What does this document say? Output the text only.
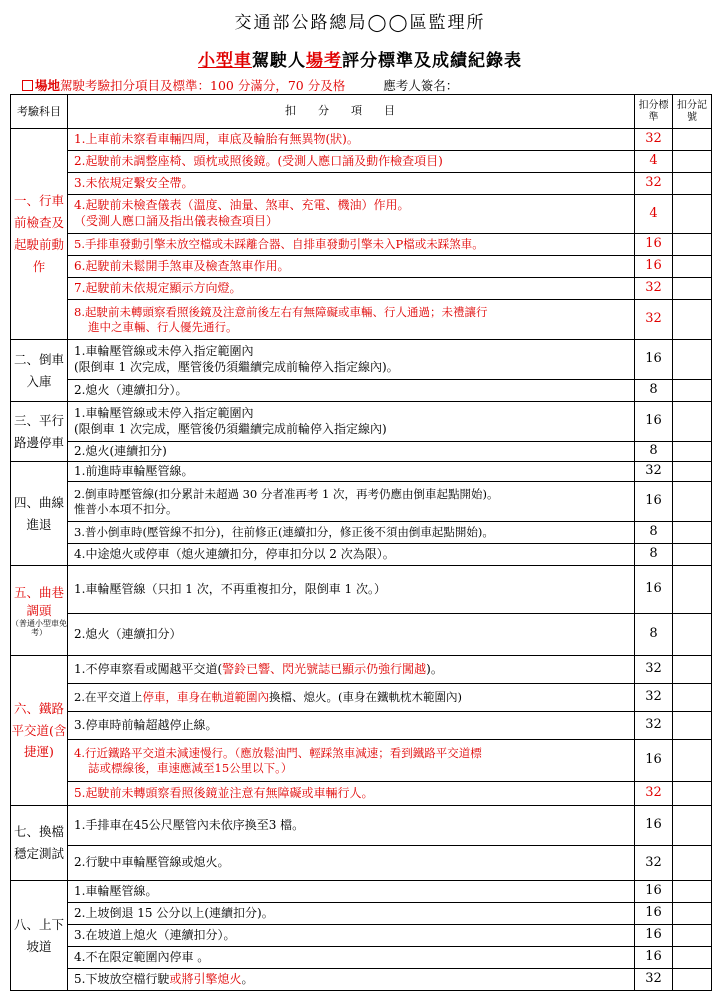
交通部公路總局◯◯區監理所
小型車駕駛人場考評分標準及成績紀錄表
場地駕駛考驗扣分項目及標準：100 分滿分，70 分及格	應考人簽名：
考驗科目	扣分項目	扣分標準	扣分記號
一、行車前檢查及起駛前動作	1.上車前未察看車輛四周，車底及輪胎有無異物(狀)。	32	
	2.起駛前未調整座椅、頭枕或照後鏡。(受測人應口誦及動作檢查項目)	4	
	3.未依規定繫安全帶。	32	
	4.起駛前未檢查儀表（溫度、油量、煞車、充電、機油）作用。
（受測人應口誦及指出儀表檢查項目）	4	
	5.手排車發動引擎未放空檔或未踩離合器、自排車發動引擎未入P檔或未踩煞車。	16	
	6.起駛前未鬆開手煞車及檢查煞車作用。	16	
	7.起駛前未依規定顯示方向燈。	32	
	8.起駛前未轉頭察看照後鏡及注意前後左右有無障礙或車輛、行人通過；未禮讓行
進中之車輛、行人優先通行。	32	
二、倒車入庫	1.車輪壓管線或未停入指定範圍內
(限倒車 1 次完成，壓管後仍須繼續完成前輪停入指定線內)。	16	
	2.熄火（連續扣分）。	8	
三、平行路邊停車	1.車輪壓管線或未停入指定範圍內
(限倒車 1 次完成，壓管後仍須繼續完成前輪停入指定線內)	16	
	2.熄火(連續扣分)	8	
四、曲線進退	1.前進時車輪壓管線。	32	
	2.倒車時壓管線(扣分累計未超過 30 分者准再考 1 次，再考仍應由倒車起點開始)。
惟普小本項不扣分。	16	
	3.普小倒車時(壓管線不扣分)，往前修正(連續扣分，修正後不須由倒車起點開始)。	8	
	4.中途熄火或停車（熄火連續扣分，停車扣分以 2 次為限）。	8	
五、曲巷調頭
（普通小型車免考）	1.車輪壓管線（只扣 1 次，不再重複扣分，限倒車 1 次。）	16	
	2.熄火（連續扣分）	8	
六、鐵路平交道(含捷運)	1.不停車察看或闖越平交道(警鈴已響、閃光號誌已顯示仍強行闖越)。	32	
	2.在平交道上停車，車身在軌道範圍內換檔、熄火。(車身在鐵軌枕木範圍內)	32	
	3.停車時前輪超越停止線。	32	
	4.行近鐵路平交道未減速慢行。（應放鬆油門、輕踩煞車減速；看到鐵路平交道標
誌或標線後，車速應減至15公里以下。）	16	
	5.起駛前未轉頭察看照後鏡並注意有無障礙或車輛行人。	32	
七、換檔穩定測試	1.手排車在45公尺壓管內未依序換至3 檔。	16	
	2.行駛中車輪壓管線或熄火。	32	
八、上下坡道	1.車輪壓管線。	16	
	2.上坡倒退 15 公分以上(連續扣分)。	16	
	3.在坡道上熄火（連續扣分）。	16	
	4.不在限定範圍內停車 。	16	
	5.下坡放空檔行駛或將引擎熄火。	32	
